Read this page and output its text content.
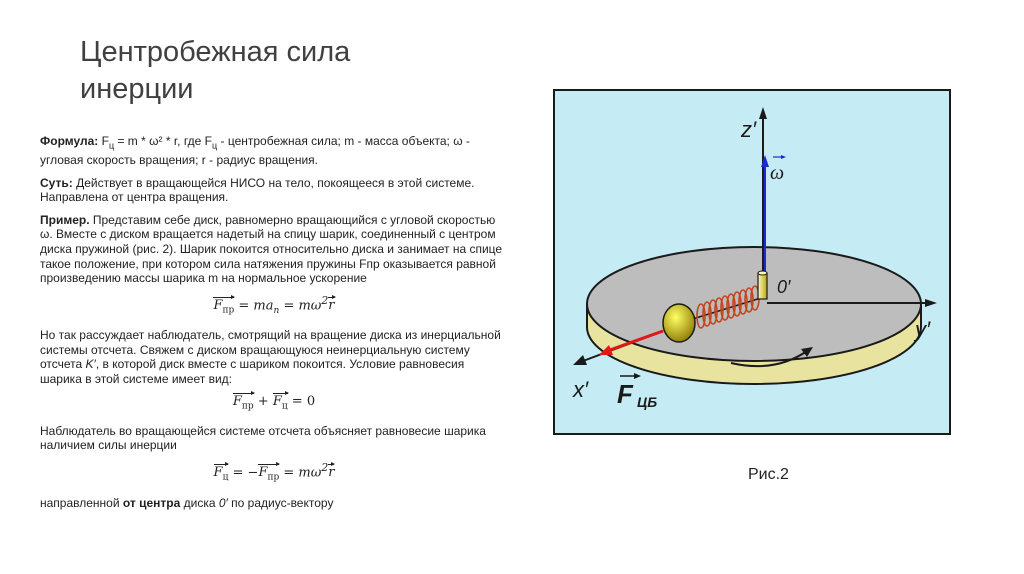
Центробежная сила
инерции

Формула: $F_ц = m * \omega^2 * r$, где $F_ц$ - центробежная сила; m - масса объекта; ω - угловая скорость вращения; r - радиус вращения.

Суть: Действует в вращающейся НИСО на тело, покоящееся в этой системе. Направлена от центра вращения.

Пример. Представим себе диск, равномерно вращающийся с угловой скоростью ω. Вместе с диском вращается надетый на спицу шарик, соединенный с центром диска пружиной (рис. 2). Шарик покоится относительно диска и занимает на спице такое положение, при котором сила натяжения пружины Fпр оказывается равной произведению массы шарика m на нормальное ускорение

$F_{пр} = ma_n = m\omega^2r$

Но так рассуждает наблюдатель, смотрящий на вращение диска из инерциальной системы отсчета. Свяжем с диском вращающуюся неинерциальную систему отсчета K′, в которой диск вместе с шариком покоится. Условие равновесия шарика в этой системе имеет вид:

$F_{пр} + F_ц = 0$

Наблюдатель во вращающейся системе отсчета объясняет равновесие шарика наличием силы инерции

$F_ц = -F_{пр} = m\omega^2r$

направленной от центра диска 0′ по радиус-вектору

z′
ω
0′
y′
x′ F ЦБ
Рис.2
